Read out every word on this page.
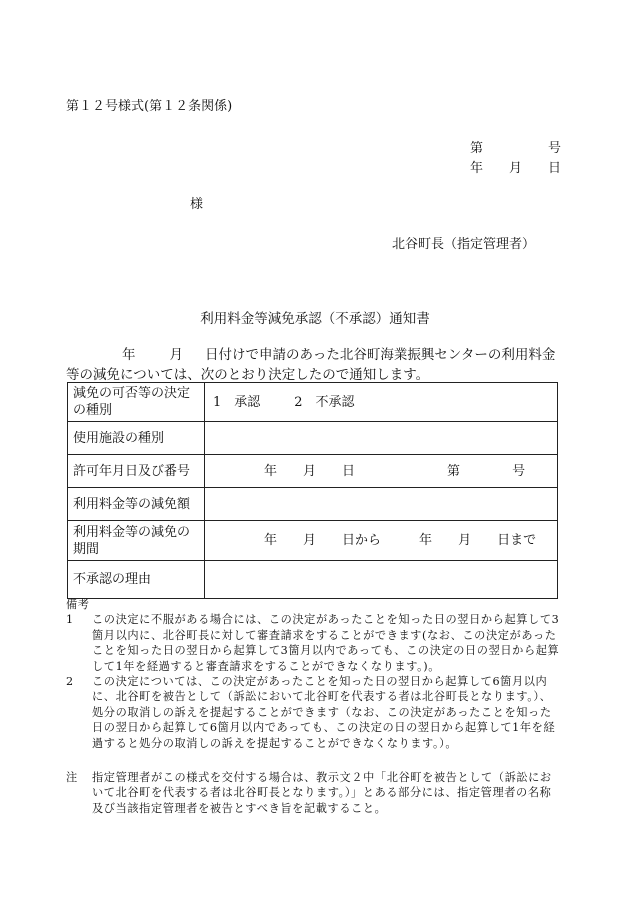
第１２号様式(第１２条関係)
第	号
年 月 日
様
北谷町長（指定管理者）
利用料金等減免承認（不承認）通知書
年	月 日付けで申請のあった北谷町海業振興センターの利用料金
等の減免については、次のとおり決定したので通知します。
減免の可否等の決定の種別	1　承認 2　不承認
使用施設の種別	
許可年月日及び番号	年 月 日 第 号
利用料金等の減免額	
利用料金等の減免の期間	年 月 日から 年 月 日まで
不承認の理由	

備考

1	この決定に不服がある場合には、この決定があったことを知った日の翌日から起算して3箇月以内に、北谷町長に対して審査請求をすることができます(なお、この決定があったことを知った日の翌日から起算して3箇月以内であっても、この決定の日の翌日から起算して1年を経過すると審査請求をすることができなくなります。)。
2	この決定については、この決定があったことを知った日の翌日から起算して6箇月以内に、北谷町を被告として（訴訟において北谷町を代表する者は北谷町長となります。）、処分の取消しの訴えを提起することができます（なお、この決定があったことを知った日の翌日から起算して6箇月以内であっても、この決定の日の翌日から起算して1年を経過すると処分の取消しの訴えを提起することができなくなります。）。
注	指定管理者がこの様式を交付する場合は、教示文２中「北谷町を被告として（訴訟において北谷町を代表する者は北谷町長となります。）」とある部分には、指定管理者の名称及び当該指定管理者を被告とすべき旨を記載すること。
